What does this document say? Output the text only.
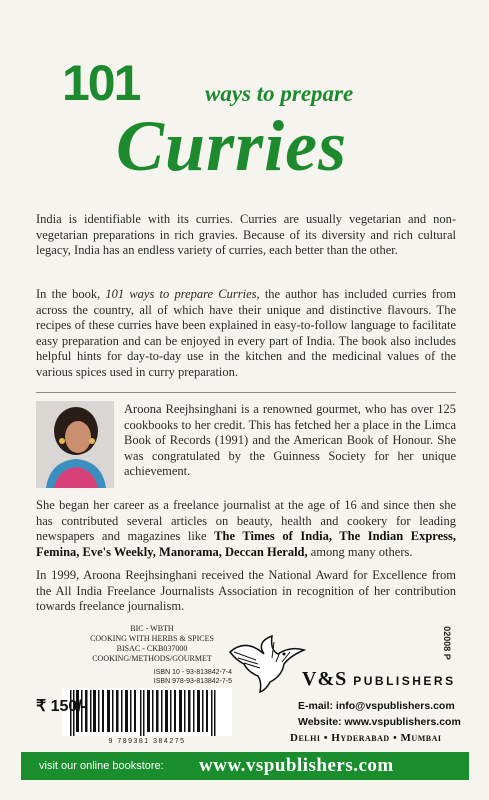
101	ways to prepare
Curries
India is identifiable with its curries. Curries are usually vegetarian and non-vegetarian preparations in rich gravies. Because of its diversity and rich cultural legacy, India has an endless variety of curries, each better than the other.
In the book, 101 ways to prepare Curries, the author has included curries from across the country, all of which have their unique and distinctive flavours. The recipes of these curries have been explained in easy-to-follow language to facilitate easy preparation and can be enjoyed in every part of India. The book also includes helpful hints for day-to-day use in the kitchen and the medicinal values of the various spices used in curry preparation.
Aroona Reejhsinghani is a renowned gourmet, who has over 125 cookbooks to her credit. This has fetched her a place in the Limca Book of Records (1991) and the American Book of Honour. She was congratulated by the Guinness Society for her unique achievement.
She began her career as a freelance journalist at the age of 16 and since then she has contributed several articles on beauty, health and cookery for leading newspapers and magazines like The Times of India, The Indian Express, Femina, Eve's Weekly, Manorama, Deccan Herald, among many others.
In 1999, Aroona Reejhsinghani received the National Award for Excellence from the All India Freelance Journalists Association in recognition of her contribution towards freelance journalism.
BIC - WBTH
COOKING WITH HERBS & SPICES
BISAC - CKB037000
COOKING/METHODS/GOURMET
ISBN 10 - 93-813842-7-4
ISBN 978-93-813842-7-5
9 789381 384275
₹ 150/-
V&S PUBLISHERS
E-mail: info@vspublishers.com
Website: www.vspublishers.com
Delhi • Hyderabad • Mumbai
02008 P
visit our online bookstore: www.vspublishers.com
